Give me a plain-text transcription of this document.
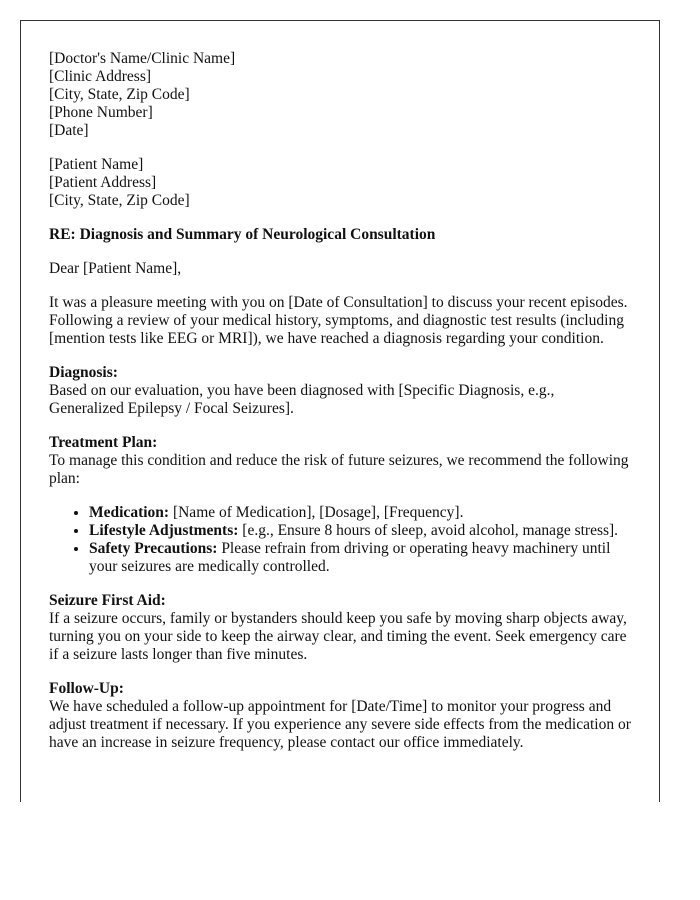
[Doctor's Name/Clinic Name]
[Clinic Address]
[City, State, Zip Code]
[Phone Number]
[Date]

[Patient Name]
[Patient Address]
[City, State, Zip Code]

RE: Diagnosis and Summary of Neurological Consultation

Dear [Patient Name],

It was a pleasure meeting with you on [Date of Consultation] to discuss your recent episodes. Following a review of your medical history, symptoms, and diagnostic test results (including [mention tests like EEG or MRI]), we have reached a diagnosis regarding your condition.

Diagnosis:
Based on our evaluation, you have been diagnosed with [Specific Diagnosis, e.g., Generalized Epilepsy / Focal Seizures].

Treatment Plan:
To manage this condition and reduce the risk of future seizures, we recommend the following plan:

• Medication: [Name of Medication], [Dosage], [Frequency].
• Lifestyle Adjustments: [e.g., Ensure 8 hours of sleep, avoid alcohol, manage stress].
• Safety Precautions: Please refrain from driving or operating heavy machinery until your seizures are medically controlled.

Seizure First Aid:
If a seizure occurs, family or bystanders should keep you safe by moving sharp objects away, turning you on your side to keep the airway clear, and timing the event. Seek emergency care if a seizure lasts longer than five minutes.

Follow-Up:
We have scheduled a follow-up appointment for [Date/Time] to monitor your progress and adjust treatment if necessary. If you experience any severe side effects from the medication or have an increase in seizure frequency, please contact our office immediately.
